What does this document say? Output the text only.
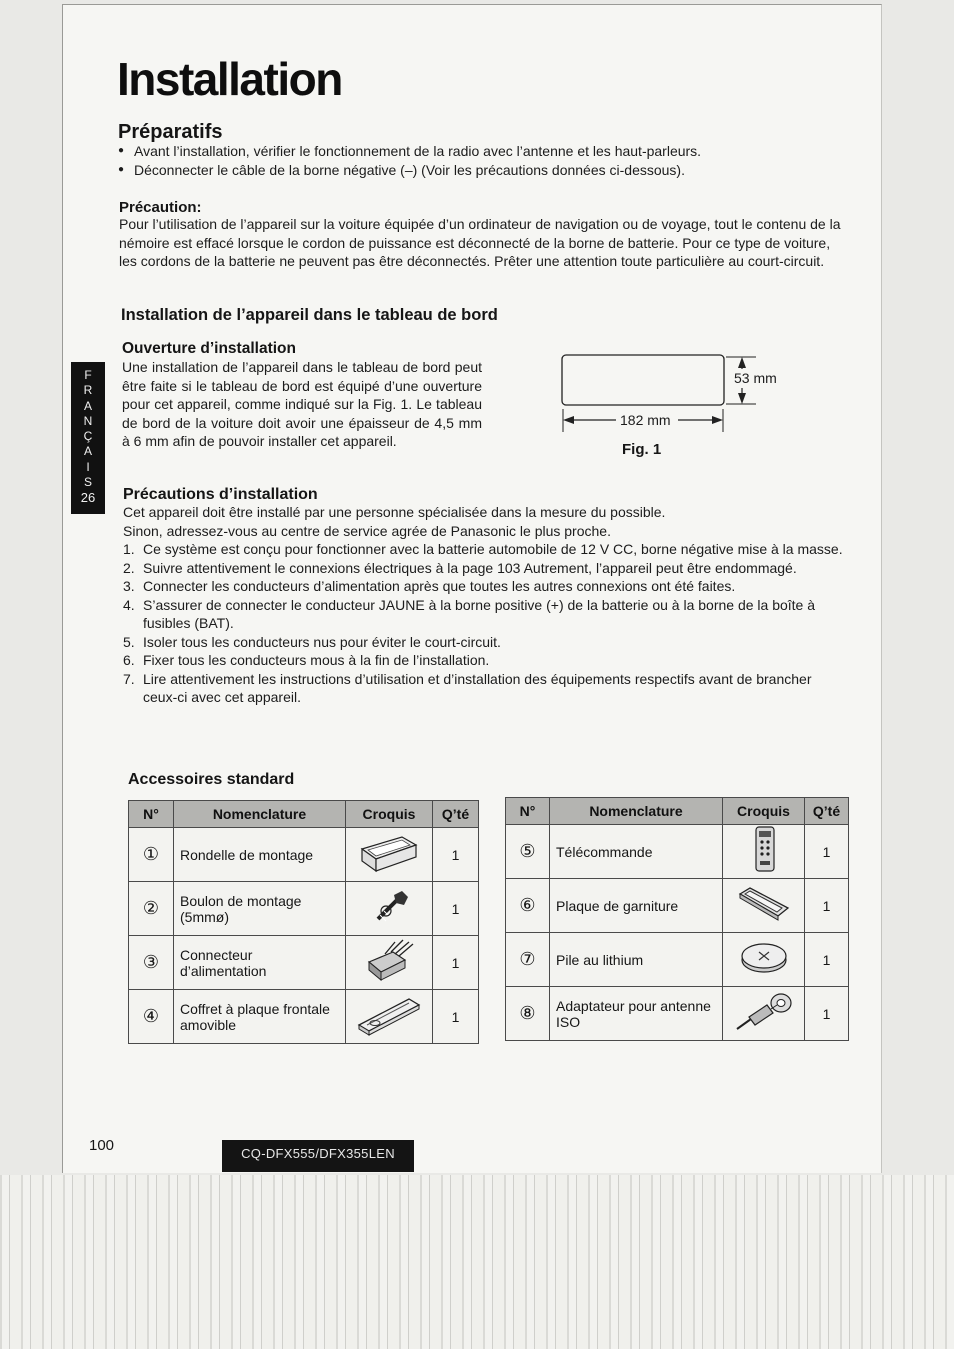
Installation
Préparatifs
● Avant l’installation, vérifier le fonctionnement de la radio avec l’antenne et les haut-parleurs.
● Déconnecter le câble de la borne négative (–) (Voir les précautions données ci-dessous).
Précaution:
Pour l’utilisation de l’appareil sur la voiture équipée d’un ordinateur de navigation ou de voyage, tout le contenu de la némoire est effacé lorsque le cordon de puissance est déconnecté de la borne de batterie. Pour ce type de voiture, les cordons de la batterie ne peuvent pas être déconnectés. Prêter une attention toute particulière au court-circuit.
Installation de l’appareil dans le tableau de bord
Ouverture d’installation
Une installation de l’appareil dans le tableau de bord peut être faite si le tableau de bord est équipé d’une ouverture pour cet appareil, comme indiqué sur la Fig. 1. Le tableau de bord de la voiture doit avoir une épaisseur de 4,5 mm à 6 mm afin de pouvoir installer cet appareil.
F
R
A
N
Ç
A
I
S
26
53 mm
182 mm
Fig. 1
Précautions d’installation
Cet appareil doit être installé par une personne spécialisée dans la mesure du possible.
Sinon, adressez-vous au centre de service agrée de Panasonic le plus proche.
1. Ce système est conçu pour fonctionner avec la batterie automobile de 12 V CC, borne négative mise à la masse.
2. Suivre attentivement le connexions électriques à la page 103 Autrement, l’appareil peut être endommagé.
3. Connecter les conducteurs d’alimentation après que toutes les autres connexions ont été faites.
4. S’assurer de connecter le conducteur JAUNE à la borne positive (+) de la batterie ou à la borne de la boîte à fusibles (BAT).
5. Isoler tous les conducteurs nus pour éviter le court-circuit.
6. Fixer tous les conducteurs mous à la fin de l’installation.
7. Lire attentivement les instructions d’utilisation et d’installation des équipements respectifs avant de brancher ceux-ci avec cet appareil.
Accessoires standard
N°	Nomenclature	Croquis	Q’té
①	Rondelle de montage		1
②	Boulon de montage (5mmø)		1
③	Connecteur d’alimentation		1
④	Coffret à plaque frontale amovible		1
N°	Nomenclature	Croquis	Q’té
⑤	Télécommande		1
⑥	Plaque de garniture		1
⑦	Pile au lithium		1
⑧	Adaptateur pour antenne ISO		1
100	CQ-DFX555/DFX355LEN
